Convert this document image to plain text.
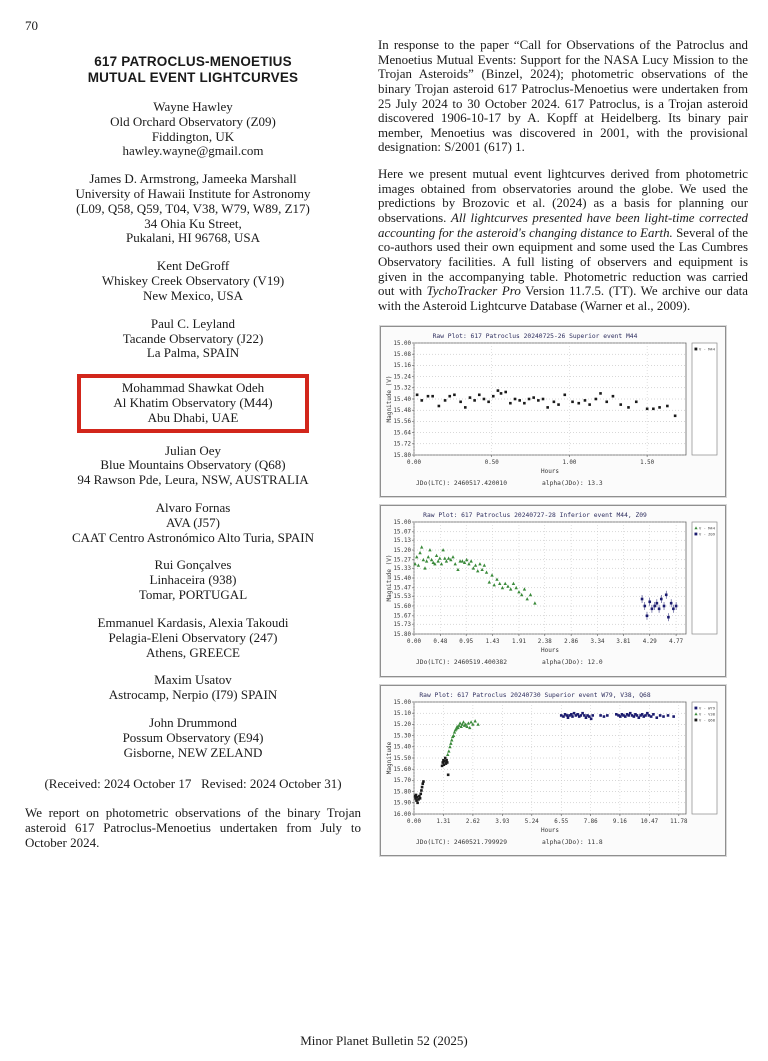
70
617 PATROCLUS-MENOETIUS
MUTUAL EVENT LIGHTCURVES
Wayne Hawley
Old Orchard Observatory (Z09)
Fiddington, UK
hawley.wayne@gmail.com
James D. Armstrong, Jameeka Marshall
University of Hawaii Institute for Astronomy
(L09, Q58, Q59, T04, V38, W79, W89, Z17)
34 Ohia Ku Street,
Pukalani, HI 96768, USA
Kent DeGroff
Whiskey Creek Observatory (V19)
New Mexico, USA
Paul C. Leyland
Tacande Observatory (J22)
La Palma, SPAIN
Mohammad Shawkat Odeh
Al Khatim Observatory (M44)
Abu Dhabi, UAE
Julian Oey
Blue Mountains Observatory (Q68)
94 Rawson Pde, Leura, NSW, AUSTRALIA
Alvaro Fornas
AVA (J57)
CAAT Centro Astronómico Alto Turia, SPAIN
Rui Gonçalves
Linhaceira (938)
Tomar, PORTUGAL
Emmanuel Kardasis, Alexia Takoudi
Pelagia-Eleni Observatory (247)
Athens, GREECE
Maxim Usatov
Astrocamp, Nerpio (I79) SPAIN
John Drummond
Possum Observatory (E94)
Gisborne, NEW ZELAND
(Received: 2024 October 17   Revised: 2024 October 31)
We report on photometric observations of the binary Trojan asteroid 617 Patroclus-Menoetius undertaken from July to October 2024.

In response to the paper “Call for Observations of the Patroclus and Menoetius Mutual Events: Support for the NASA Lucy Mission to the Trojan Asteroids” (Binzel, 2024); photometric observations of the binary Trojan asteroid 617 Patroclus-Menoetius were undertaken from 25 July 2024 to 30 October 2024. 617 Patroclus, is a Trojan asteroid discovered 1906-10-17 by A. Kopff at Heidelberg. Its binary pair member, Menoetius was discovered in 2001, with the provisional designation: S/2001 (617) 1.

Here we present mutual event lightcurves derived from photometric images obtained from observatories around the globe. We used the predictions by Brozovic et al. (2024) as a basis for planning our observations. All lightcurves presented have been light-time corrected accounting for the asteroid's changing distance to Earth. Several of the co-authors used their own equipment and some used the Las Cumbres Observatory facilities. A full listing of observers and equipment is given in the accompanying table. Photometric reduction was carried out with TychoTracker Pro Version 11.7.5. (TT). We archive our data with the Asteroid Lightcurve Database (Warner et al., 2009).

Raw Plot: 617 Patroclus 20240725-26 Superior event M44
15.00
15.08
15.16
15.24
15.32
15.40
15.48
15.56
15.64
15.72
15.80
0.00	0.50	1.00	1.50
Hours
Magnitude (V)
V - M44
JDo(LTC): 2460517.420010	alpha(JDo): 13.3
Raw Plot: 617 Patroclus 20240727-28 Inferior event M44, Z09
15.00
15.07
15.13
15.20
15.27
15.33
15.40
15.47
15.53
15.60
15.67
15.73
15.80
0.00 0.48 0.95 1.43 1.91 2.38 2.86 3.34 3.81 4.29 4.77
Hours
Magnitude (V)
V - M44
V - Z09
JDo(LTC): 2460519.400382	alpha(JDo): 12.0
Raw Plot: 617 Patroclus 20240730 Superior event W79, V38, Q68
15.00
15.10
15.20
15.30
15.40
15.50
15.60
15.70
15.80
15.90
16.00
0.00	1.31	2.62	3.93	5.24	6.55	7.86	9.16 10.47 11.78
Hours
Magnitude
V - W79
V - V38
V - Q68
JDo(LTC): 2460521.799929	alpha(JDo): 11.8
Minor Planet Bulletin 52 (2025)
